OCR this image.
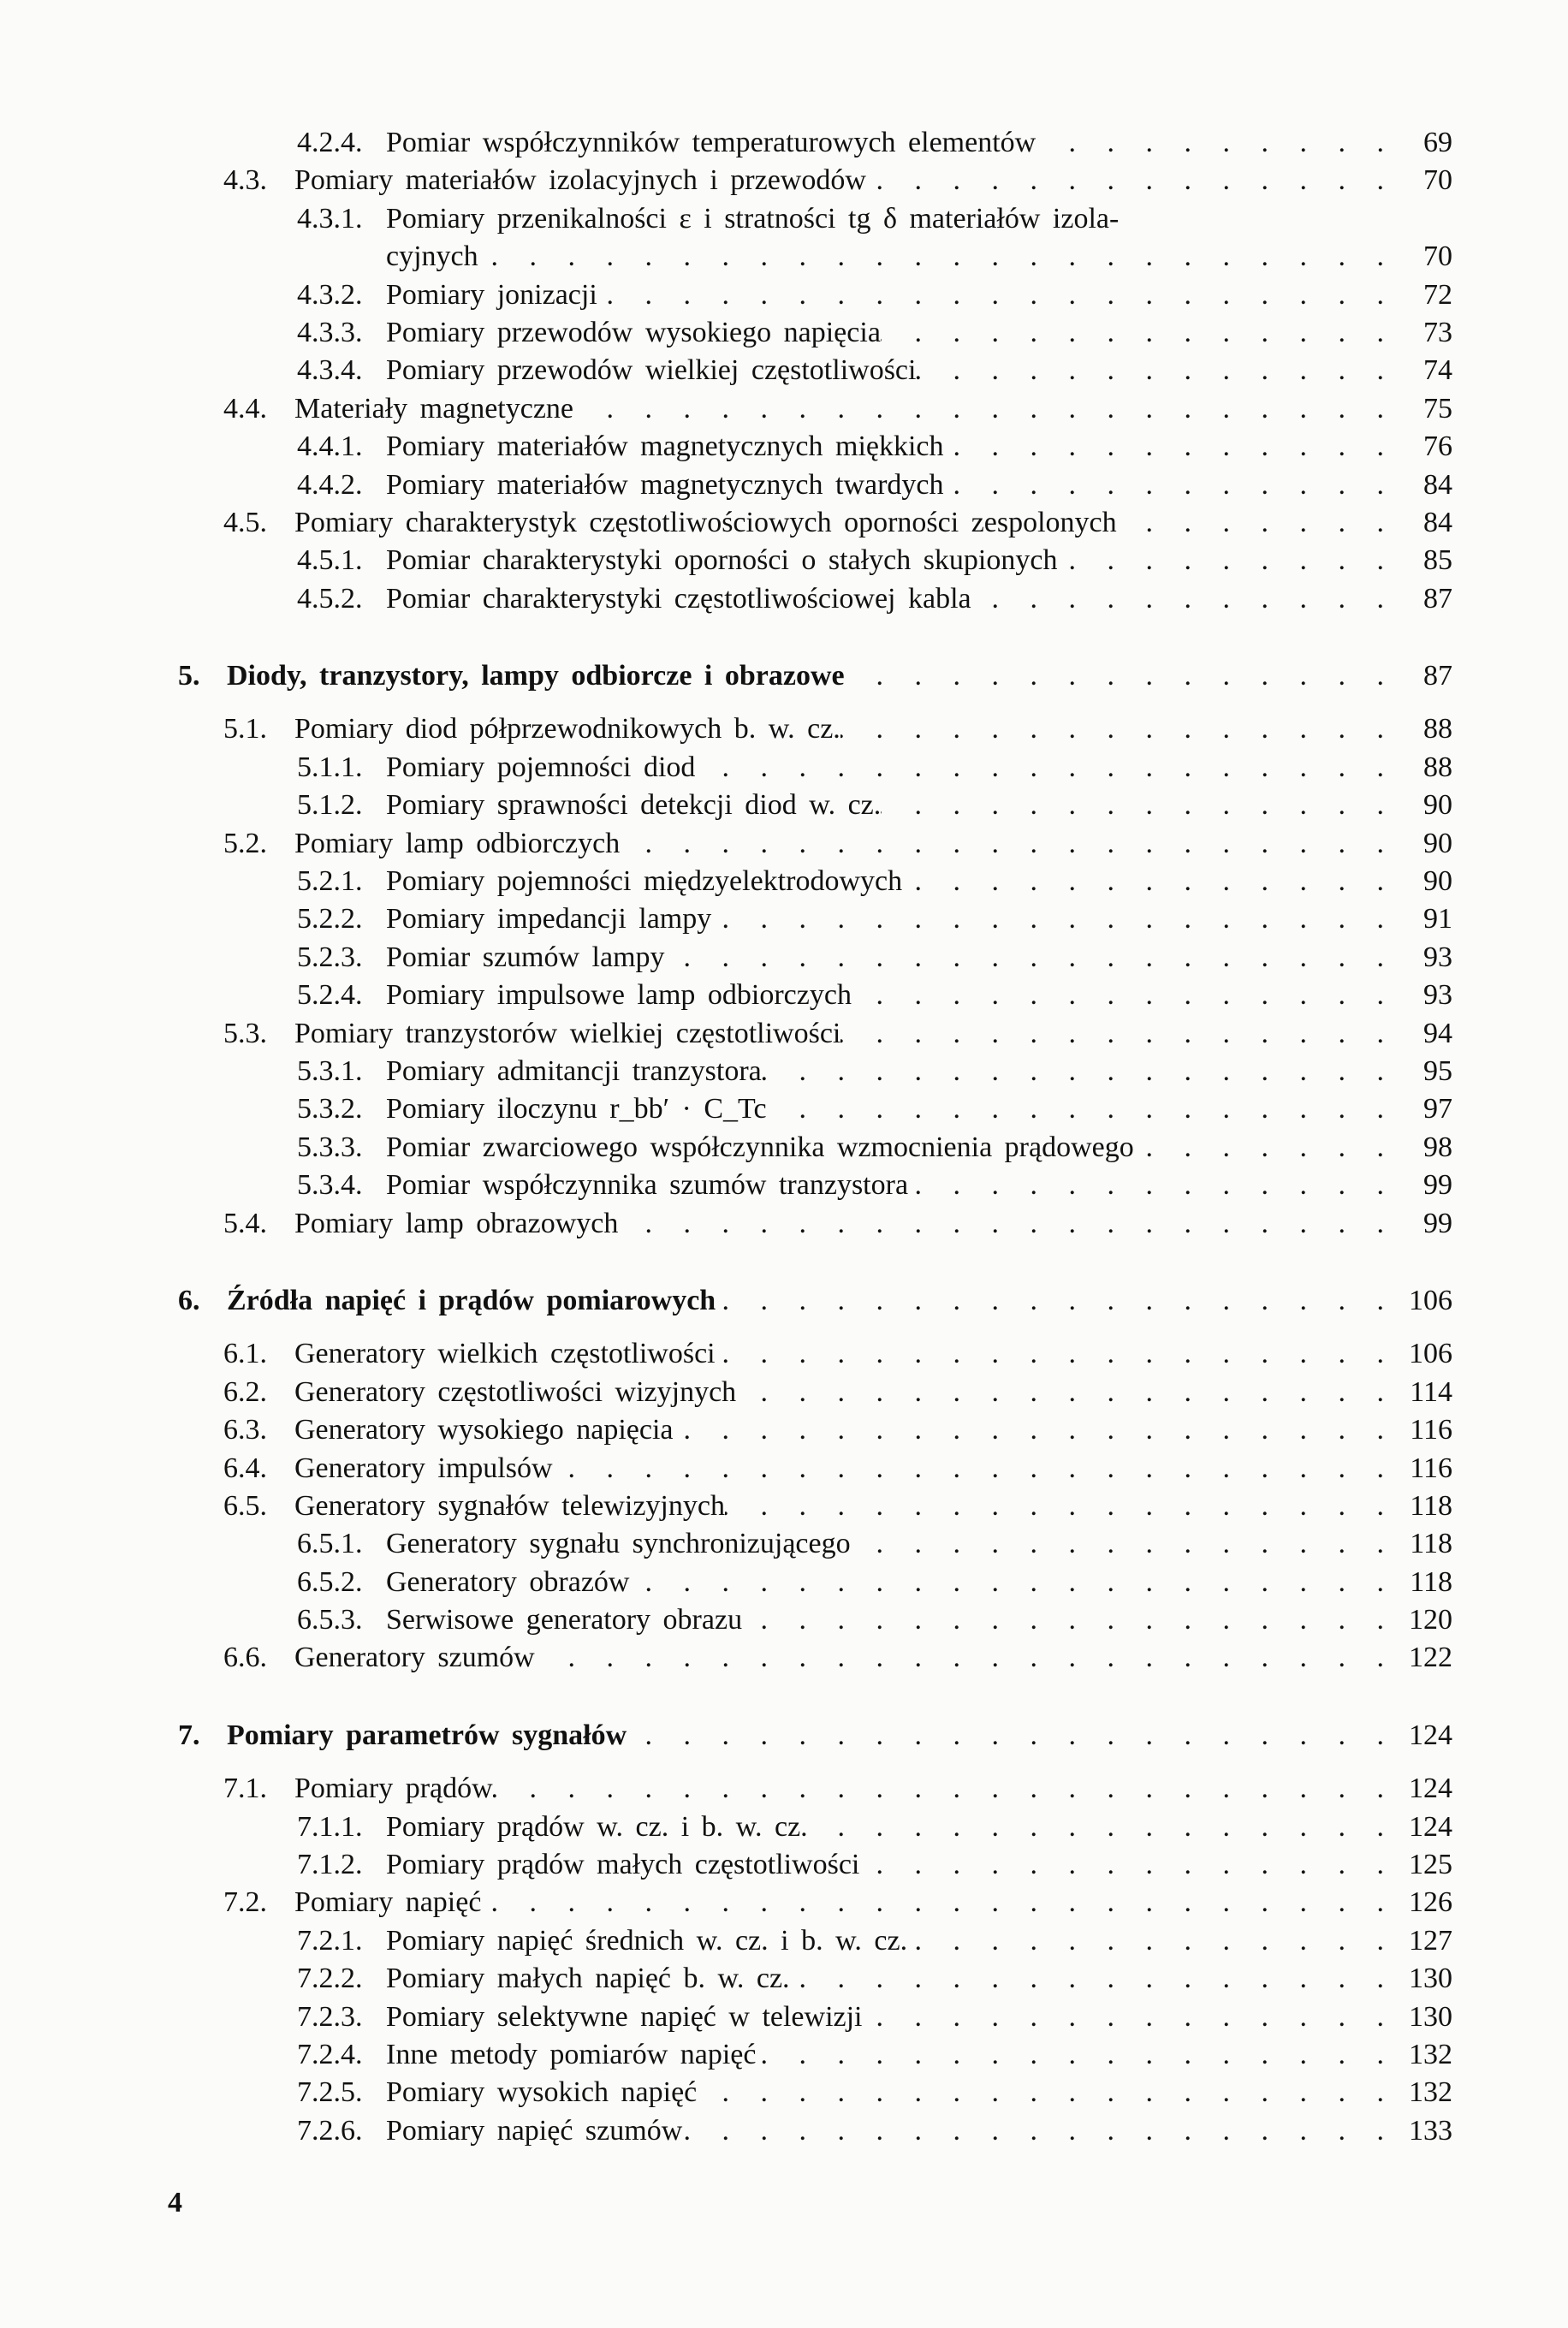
4.2.4. Pomiar współczynników temperaturowych elementów . . .	69
4.3. Pomiary materiałów izolacyjnych i przewodów . . .	70
4.3.1. Pomiary przenikalności ε i stratności tg δ materiałów izola-
cyjnych . . .	70
4.3.2. Pomiary jonizacji . . .	72
4.3.3. Pomiary przewodów wysokiego napięcia . . .	73
4.3.4. Pomiary przewodów wielkiej częstotliwości . . .	74
4.4. Materiały magnetyczne . . .	75
4.4.1. Pomiary materiałów magnetycznych miękkich . . .	76
4.4.2. Pomiary materiałów magnetycznych twardych . . .	84
4.5. Pomiary charakterystyk częstotliwościowych oporności zespolonych . . .	84
4.5.1. Pomiar charakterystyki oporności o stałych skupionych . . .	85
4.5.2. Pomiar charakterystyki częstotliwościowej kabla . . .	87
5. Diody, tranzystory, lampy odbiorcze i obrazowe . . .	87
5.1. Pomiary diod półprzewodnikowych b. w. cz. . . .	88
5.1.1. Pomiary pojemności diod . . .	88
5.1.2. Pomiary sprawności detekcji diod w. cz. . . .	90
5.2. Pomiary lamp odbiorczych . . .	90
5.2.1. Pomiary pojemności międzyelektrodowych . . .	90
5.2.2. Pomiary impedancji lampy . . .	91
5.2.3. Pomiar szumów lampy . . .	93
5.2.4. Pomiary impulsowe lamp odbiorczych . . .	93
5.3. Pomiary tranzystorów wielkiej częstotliwości . . .	94
5.3.1. Pomiary admitancji tranzystora . . .	95
5.3.2. Pomiary iloczynu r_bb′ · C_Tc . . .	97
5.3.3. Pomiar zwarciowego współczynnika wzmocnienia prądowego . . .	98
5.3.4. Pomiar współczynnika szumów tranzystora . . .	99
5.4. Pomiary lamp obrazowych . . .	99
6. Źródła napięć i prądów pomiarowych . . .	106
6.1. Generatory wielkich częstotliwości . . .	106
6.2. Generatory częstotliwości wizyjnych . . .	114
6.3. Generatory wysokiego napięcia . . .	116
6.4. Generatory impulsów . . .	116
6.5. Generatory sygnałów telewizyjnych . . .	118
6.5.1. Generatory sygnału synchronizującego . . .	118
6.5.2. Generatory obrazów . . .	118
6.5.3. Serwisowe generatory obrazu . . .	120
6.6. Generatory szumów . . .	122
7. Pomiary parametrów sygnałów . . .	124
7.1. Pomiary prądów . . .	124
7.1.1. Pomiary prądów w. cz. i b. w. cz. . . .	124
7.1.2. Pomiary prądów małych częstotliwości . . .	125
7.2. Pomiary napięć . . .	126
7.2.1. Pomiary napięć średnich w. cz. i b. w. cz. . . .	127
7.2.2. Pomiary małych napięć b. w. cz. . . .	130
7.2.3. Pomiary selektywne napięć w telewizji . . .	130
7.2.4. Inne metody pomiarów napięć . . .	132
7.2.5. Pomiary wysokich napięć . . .	132
7.2.6. Pomiary napięć szumów . . .	133
4
